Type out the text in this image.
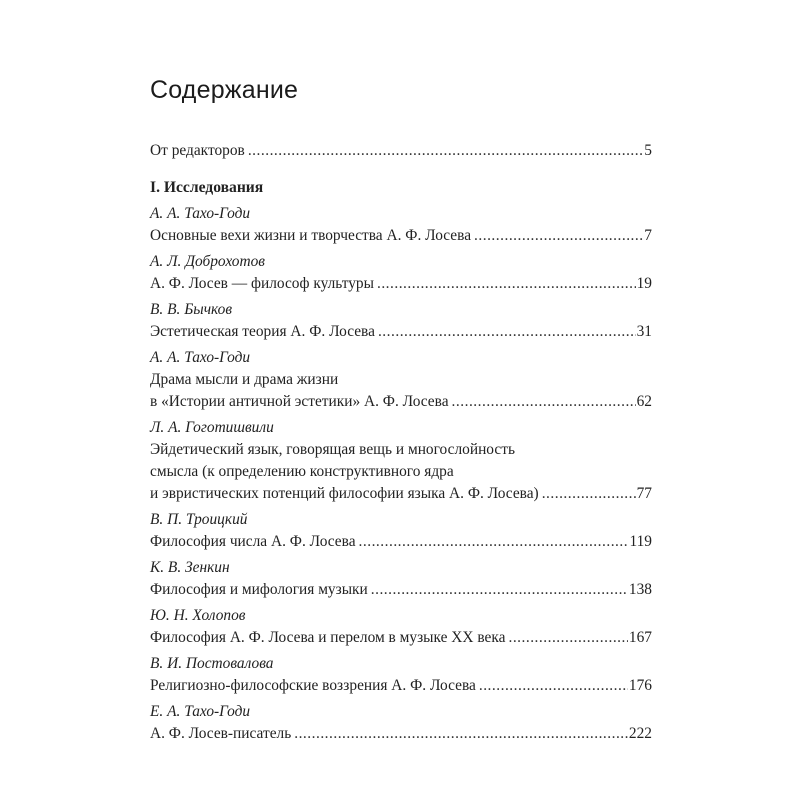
Содержание
От редакторов .....	5
I. Исследования
А. А. Тахо-Годи
Основные вехи жизни и творчества А. Ф. Лосева .....	7
А. Л. Доброхотов
А. Ф. Лосев — философ культуры .....	19
В. В. Бычков
Эстетическая теория А. Ф. Лосева .....	31
А. А. Тахо-Годи
Драма мысли и драма жизни
в «Истории античной эстетики» А. Ф. Лосева .....	62
Л. А. Гоготишвили
Эйдетический язык, говорящая вещь и многослойность
смысла (к определению конструктивного ядра
и эвристических потенций философии языка А. Ф. Лосева) .....	77
В. П. Троицкий
Философия числа А. Ф. Лосева .....	119
К. В. Зенкин
Философия и мифология музыки .....	138
Ю. Н. Холопов
Философия А. Ф. Лосева и перелом в музыке XX века .....	167
В. И. Постовалова
Религиозно-философские воззрения А. Ф. Лосева .....	176
Е. А. Тахо-Годи
А. Ф. Лосев-писатель .....	222
